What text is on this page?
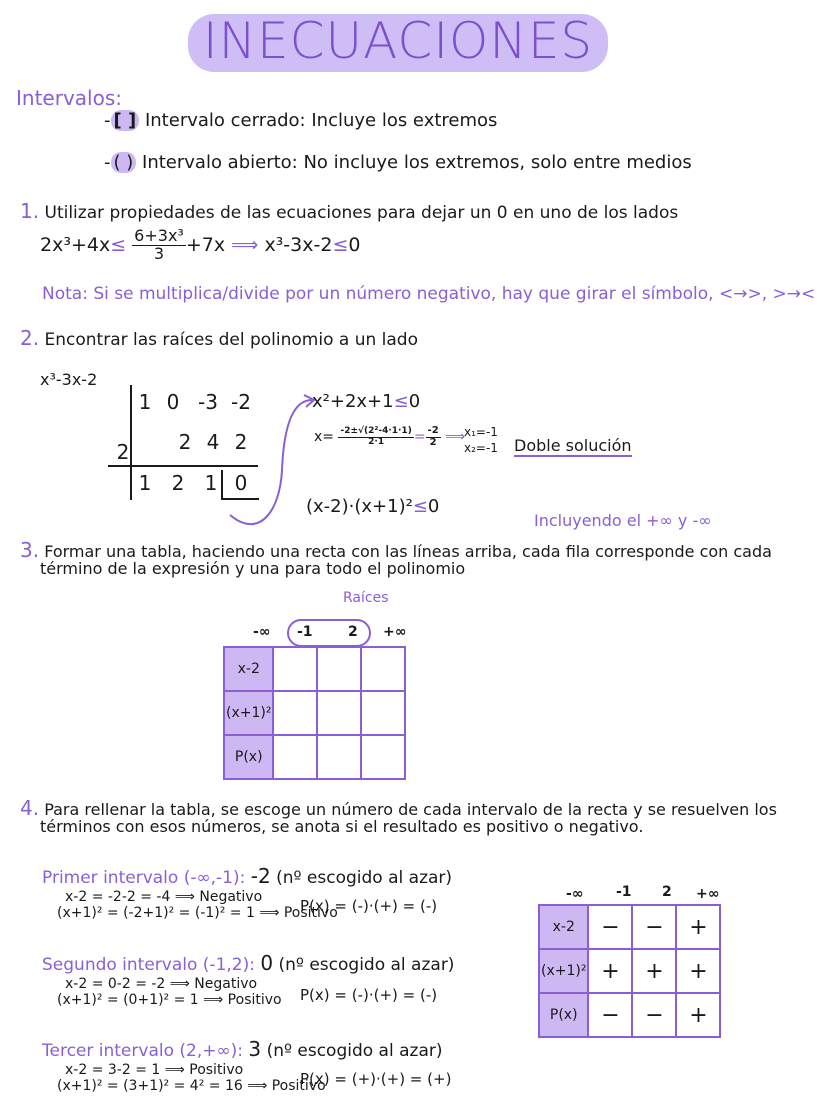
INECUACIONES
Intervalos:
- [ ] Intervalo cerrado: Incluye los extremos
- ( ) Intervalo abierto: No incluye los extremos, solo entre medios
1. Utilizar propiedades de las ecuaciones para dejar un 0 en uno de los lados
$2x^3+4x\le \frac{\text{6+3x³}}{3} +7x$ ⟹ x³-3x-2≤0
Nota: Si se multiplica/divide por un número negativo, hay que girar el símbolo, <→>, >→<
2. Encontrar las raíces del polinomio a un lado
x³-3x-2
2
1 0 -3 -2
2 4 2
1	2	1 0
x²+2x+1≤0
$x= \frac{\text{-2±√(2²-4·1·1)}}{2\cdot 1} = \frac{-2}{2}$ ⟹
x₁=-1
x₂=-1 Doble solución
(x-2)·(x+1)²≤0
Incluyendo el +∞ y -∞
3. Formar una tabla, haciendo una recta con las líneas arriba, cada fila corresponde con cada
término de la expresión y una para todo el polinomio
Raíces
-∞ -1	2 +∞
x-2			
(x+1)²			
P(x)			
4. Para rellenar la tabla, se escoge un número de cada intervalo de la recta y se resuelven los
términos con esos números, se anota si el resultado es positivo o negativo.
Primer intervalo (-∞,-1): -2 (nº escogido al azar)
x-2 = -2-2 = -4 ⟹ Negativo
(x+1)² = (-2+1)² = (-1)² = 1 ⟹ Positivo
P(x) = (-)·(+) = (-)
Segundo intervalo (-1,2): 0 (nº escogido al azar)
x-2 = 0-2 = -2 ⟹ Negativo
(x+1)² = (0+1)² = 1 ⟹ Positivo P(x) = (-)·(+) = (-)
Tercer intervalo (2,+∞): 3 (nº escogido al azar)
x-2 = 3-2 = 1 ⟹ Positivo
(x+1)² = (3+1)² = 4² = 16 ⟹ Positivo
P(x) = (+)·(+) = (+)
-∞ -1 2 +∞
x-2	−	−	+
(x+1)²	+	+	+
P(x)	−	−	+
